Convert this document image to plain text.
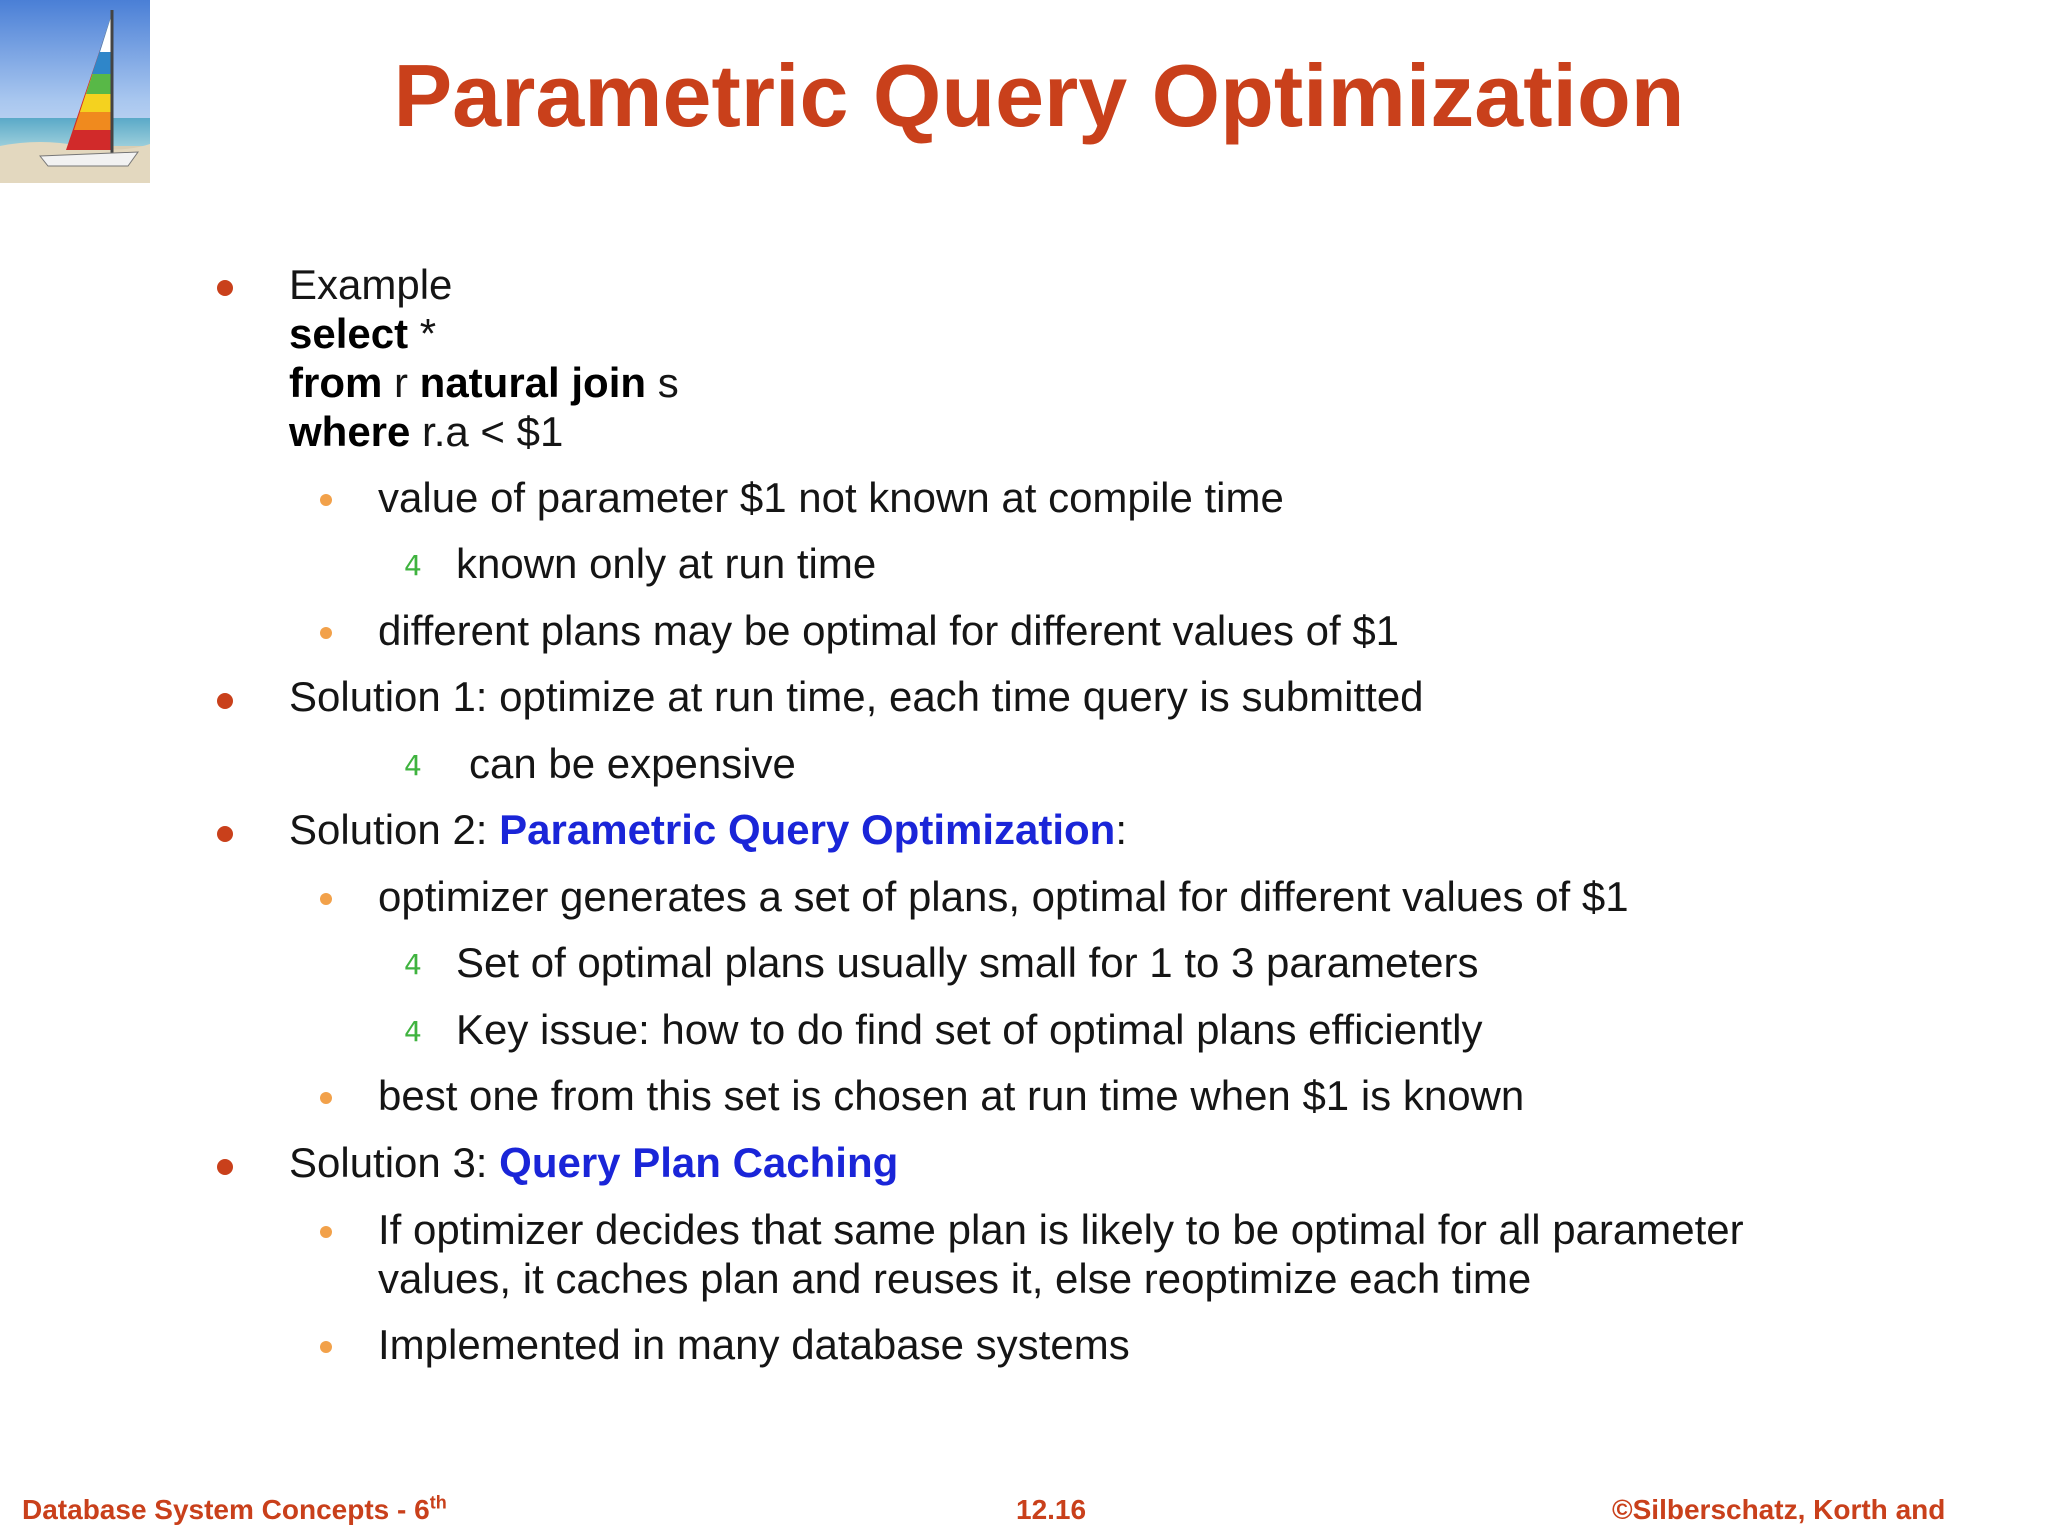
Parametric Query Optimization
Example
select *
from r natural join s
where r.a < $1
value of parameter $1 not known at compile time
4 known only at run time
different plans may be optimal for different values of $1
Solution 1: optimize at run time, each time query is submitted
4 can be expensive
Solution 2: Parametric Query Optimization:
optimizer generates a set of plans, optimal for different values of $1
4 Set of optimal plans usually small for 1 to 3 parameters
4 Key issue: how to do find set of optimal plans efficiently
best one from this set is chosen at run time when $1 is known
Solution 3: Query Plan Caching
If optimizer decides that same plan is likely to be optimal for all parameter
values, it caches plan and reuses it, else reoptimize each time
Implemented in many database systems
Database System Concepts - 6th	12.16	©Silberschatz, Korth and
